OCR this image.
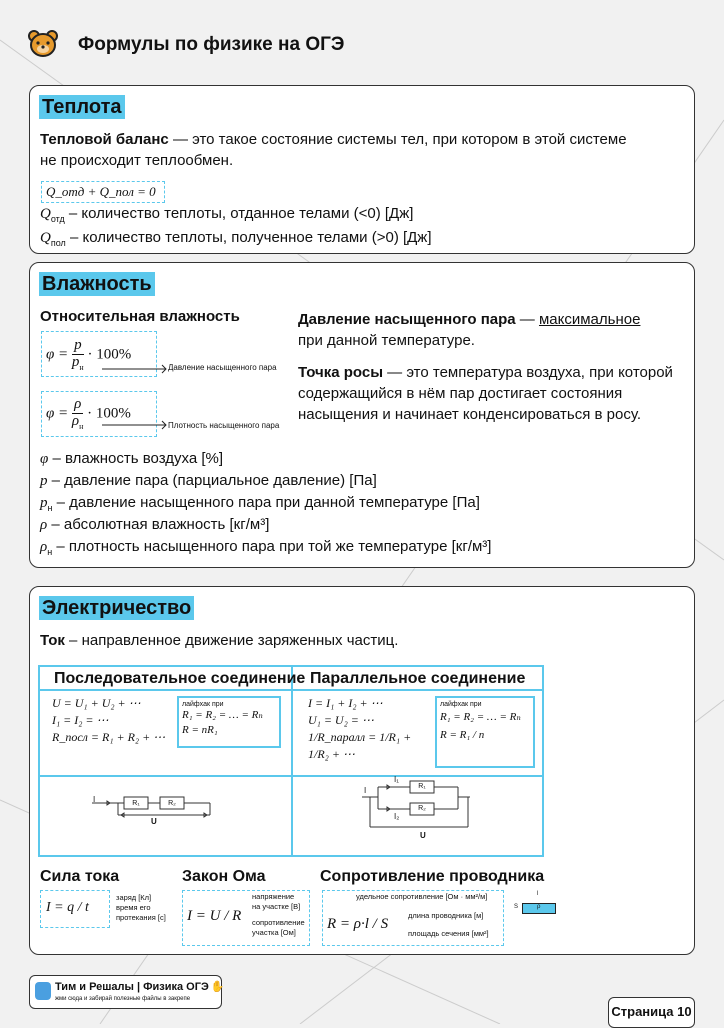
Формулы по физике на ОГЭ
Теплота
Тепловой баланс — это такое состояние системы тел, при котором в этой системе
не происходит теплообмен.
Q_отд + Q_пол = 0
$Q_{отд}$ – количество теплоты, отданное телами (<0) [Дж]
$Q_{пол}$ – количество теплоты, полученное телами (>0) [Дж]
Влажность
Относительная влажность
$\varphi = \frac{p}{p_н} \cdot 100\%$
Давление насыщенного пара
$\varphi = \frac{\rho}{\rho_н} \cdot 100\%$
Плотность насыщенного пара
Давление насыщенного пара — максимальное
при данной температуре.
Точка росы — это температура воздуха, при которой
содержащийся в нём пар достигает состояния
насыщения и начинает конденсироваться в росу.
φ – влажность воздуха [%]
p – давление пара (парциальное давление) [Па]
$p_н$ – давление насыщенного пара при данной температуре [Па]
ρ – абсолютная влажность [кг/м³]
$\rho_н$ – плотность насыщенного пара при той же температуре [кг/м³]
Электричество
Ток – направленное движение заряженных частиц.
Последовательное соединение Параллельное соединение
U = U₁ + U₂ + ⋯
I₁ = I₂ = ⋯
R_посл = R₁ + R₂ + ⋯
лайфхак при
R₁ = R₂ = … = Rₙ
R = nR₁
I = I₁ + I₂ + ⋯
U₁ = U₂ = ⋯
1/R_паралл = 1/R₁ + 1/R₂ + ⋯
лайфхак при
R₁ = R₂ = … = Rₙ
R = R₁ / n
R₁	R₂
I
U
R₁
R₂
I
I₁
I₂
U
Сила тока
I = q / t
заряд [Кл]
время его
протекания [с]
Закон Ома
I = U / R
напряжение
на участке [В]
сопротивление
участка [Ом]
Сопротивление проводника
R = ρ·l / S
удельное сопротивление [Ом · мм²/м]
длина проводника [м]
площадь сечения [мм²]
ρ
l
S
Тим и Решалы | Физика ОГЭ ✋
жми сюда и забирай полезные файлы в закрепе
Страница 10
